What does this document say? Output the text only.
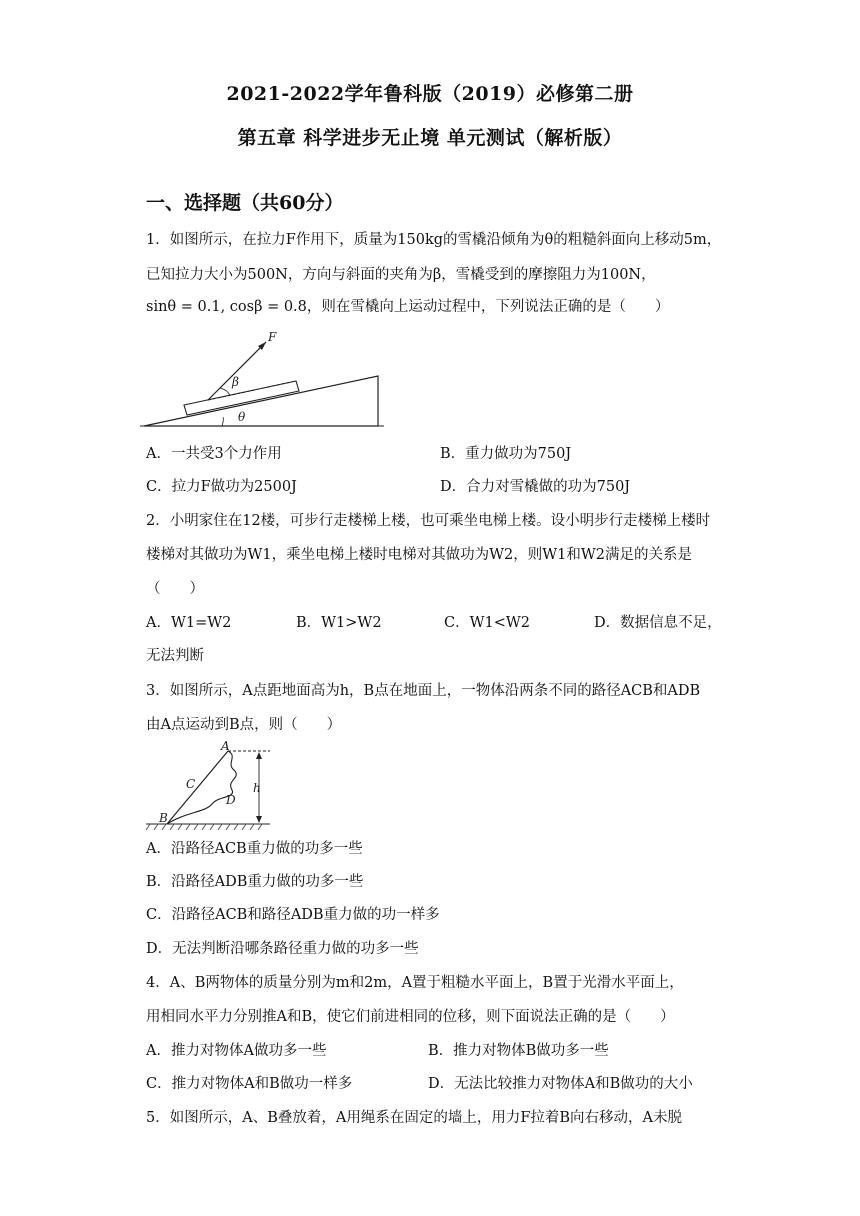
2021-2022学年鲁科版（2019）必修第二册
第五章 科学进步无止境 单元测试（解析版）
一、选择题（共60分）
1．如图所示，在拉力F作用下，质量为150kg的雪橇沿倾角为θ的粗糙斜面向上移动5m，
已知拉力大小为500N，方向与斜面的夹角为β，雪橇受到的摩擦阻力为100N，
sinθ = 0.1, cosβ = 0.8，则在雪橇向上运动过程中，下列说法正确的是（　　）
F
β
θ
A．一共受3个力作用	B．重力做功为750J
C．拉力F做功为2500J	D．合力对雪橇做的功为750J
2．小明家住在12楼，可步行走楼梯上楼，也可乘坐电梯上楼。设小明步行走楼梯上楼时
楼梯对其做功为W1，乘坐电梯上楼时电梯对其做功为W2，则W1和W2满足的关系是
（　　）
A．W1=W2	B．W1>W2	C．W1<W2	D．数据信息不足，
无法判断
3．如图所示，A点距地面高为h，B点在地面上，一物体沿两条不同的路径ACB和ADB
由A点运动到B点，则（　　）
A
B
C
D
h
A．沿路径ACB重力做的功多一些
B．沿路径ADB重力做的功多一些
C．沿路径ACB和路径ADB重力做的功一样多
D．无法判断沿哪条路径重力做的功多一些
4．A、B两物体的质量分别为m和2m，A置于粗糙水平面上，B置于光滑水平面上，
用相同水平力分别推A和B，使它们前进相同的位移，则下面说法正确的是（　　）
A．推力对物体A做功多一些	B．推力对物体B做功多一些
C．推力对物体A和B做功一样多	D．无法比较推力对物体A和B做功的大小
5．如图所示，A、B叠放着，A用绳系在固定的墙上，用力F拉着B向右移动，A未脱
